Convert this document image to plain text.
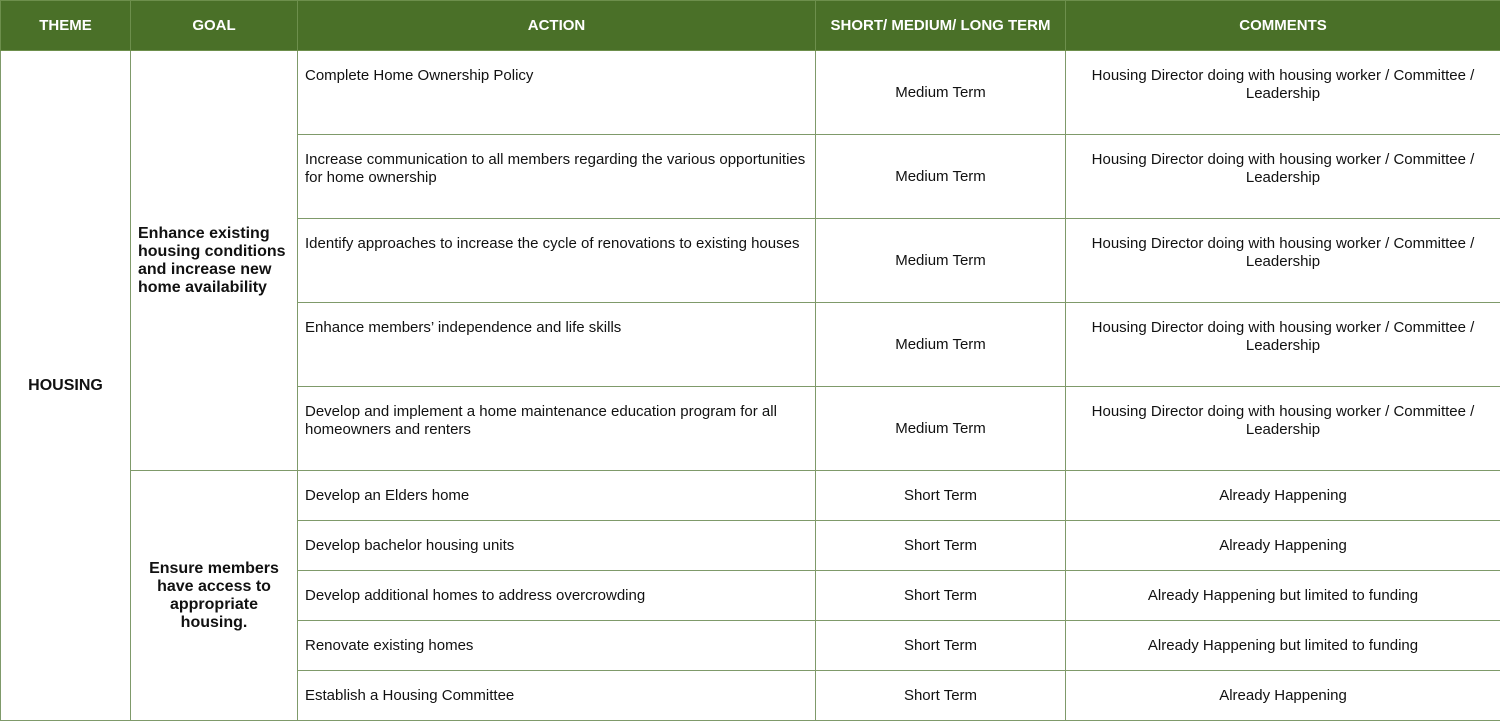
THEME	GOAL	ACTION	SHORT/ MEDIUM/ LONG TERM	COMMENTS
HOUSING	Enhance existing housing conditions and increase new home availability	Complete Home Ownership Policy	Medium Term	Housing Director doing with housing worker / Committee / Leadership
		Increase communication to all members regarding the various opportunities for home ownership	Medium Term	Housing Director doing with housing worker / Committee / Leadership
		Identify approaches to increase the cycle of renovations to existing houses	Medium Term	Housing Director doing with housing worker / Committee / Leadership
		Enhance members’ independence and life skills	Medium Term	Housing Director doing with housing worker / Committee / Leadership
		Develop and implement a home maintenance education program for all homeowners and renters	Medium Term	Housing Director doing with housing worker / Committee / Leadership
	Ensure members have access to appropriate housing.	Develop an Elders home	Short Term	Already Happening
		Develop bachelor housing units	Short Term	Already Happening
		Develop additional homes to address overcrowding	Short Term	Already Happening but limited to funding
		Renovate existing homes	Short Term	Already Happening but limited to funding
		Establish a Housing Committee	Short Term	Already Happening
